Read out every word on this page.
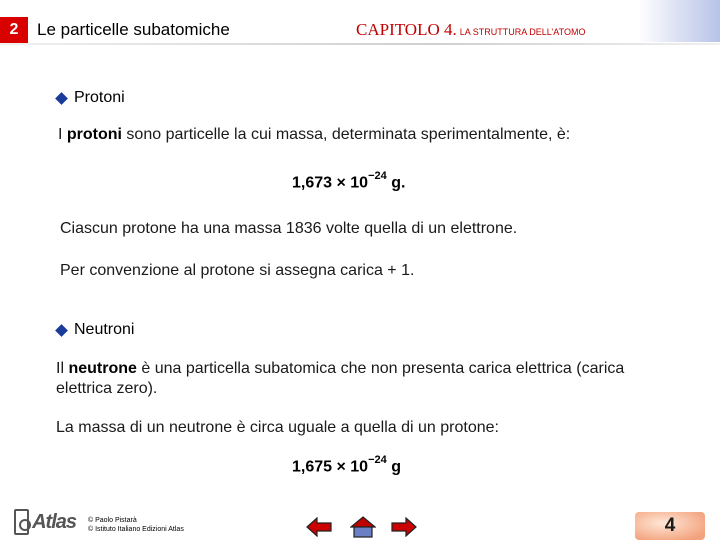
2	Le particelle subatomiche	CAPITOLO 4. LA STRUTTURA DELL’ATOMO
Protoni
I protoni sono particelle la cui massa, determinata sperimentalmente, è:
$1,673 \times 10^{-24}$ g.
Ciascun protone ha una massa 1836 volte quella di un elettrone.
Per convenzione al protone si assegna carica + 1.
Neutroni
Il neutrone è una particella subatomica che non presenta carica elettrica (carica elettrica zero).
La massa di un neutrone è circa uguale a quella di un protone:
$1,675 \times 10^{-24}$ g
Atlas © Paolo Pistarà
© Istituto Italiano Edizioni Atlas	4
